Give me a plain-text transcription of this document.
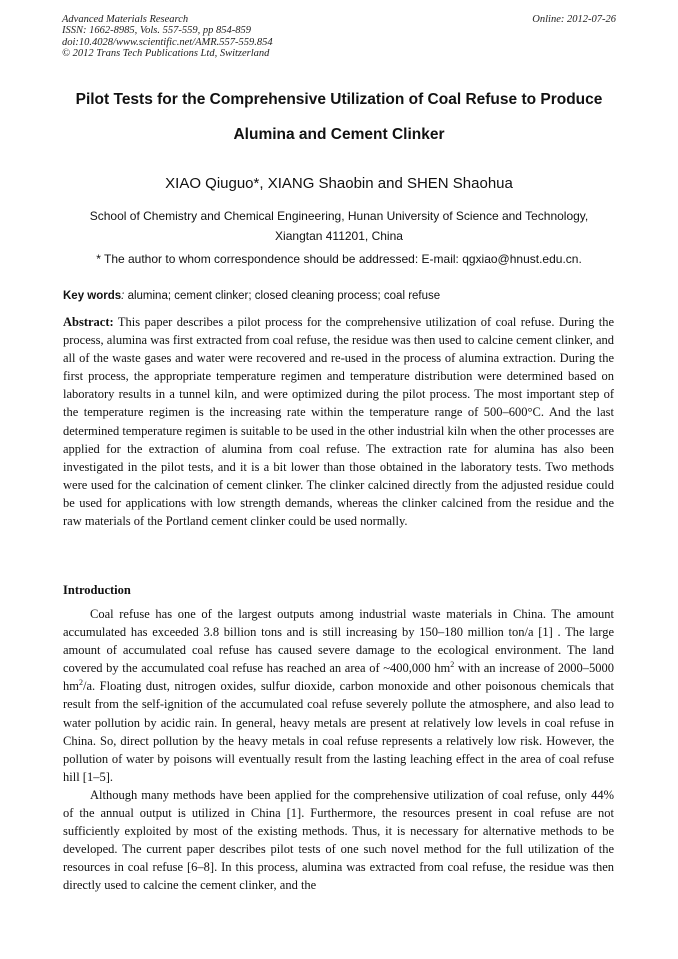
Advanced Materials Research
ISSN: 1662-8985, Vols. 557-559, pp 854-859
doi:10.4028/www.scientific.net/AMR.557-559.854
© 2012 Trans Tech Publications Ltd, Switzerland
Online: 2012-07-26
Pilot Tests for the Comprehensive Utilization of Coal Refuse to Produce
Alumina and Cement Clinker
XIAO Qiuguo*, XIANG Shaobin and SHEN Shaohua
School of Chemistry and Chemical Engineering, Hunan University of Science and Technology,
Xiangtan 411201, China
* The author to whom correspondence should be addressed: E-mail: qgxiao@hnust.edu.cn.
Key words: alumina; cement clinker; closed cleaning process; coal refuse
Abstract: This paper describes a pilot process for the comprehensive utilization of coal refuse. During the process, alumina was first extracted from coal refuse, the residue was then used to calcine cement clinker, and all of the waste gases and water were recovered and re-used in the process of alumina extraction. During the first process, the appropriate temperature regimen and temperature distribution were determined based on laboratory results in a tunnel kiln, and were optimized during the pilot process. The most important step of the temperature regimen is the increasing rate within the temperature range of 500–600°C. And the last determined temperature regimen is suitable to be used in the other industrial kiln when the other processes are applied for the extraction of alumina from coal refuse. The extraction rate for alumina has also been investigated in the pilot tests, and it is a bit lower than those obtained in the laboratory tests. Two methods were used for the calcination of cement clinker. The clinker calcined directly from the adjusted residue could be used for applications with low strength demands, whereas the clinker calcined from the residue and the raw materials of the Portland cement clinker could be used normally.
Introduction

Coal refuse has one of the largest outputs among industrial waste materials in China. The amount accumulated has exceeded 3.8 billion tons and is still increasing by 150–180 million ton/a [1] . The large amount of accumulated coal refuse has caused severe damage to the ecological environment. The land covered by the accumulated coal refuse has reached an area of ~400,000 $hm^2$ with an increase of 2000–5000 $hm^2/a$. Floating dust, nitrogen oxides, sulfur dioxide, carbon monoxide and other poisonous chemicals that result from the self-ignition of the accumulated coal refuse severely pollute the atmosphere, and also lead to water pollution by acidic rain. In general, heavy metals are present at relatively low levels in coal refuse in China. So, direct pollution by the heavy metals in coal refuse represents a relatively low risk. However, the pollution of water by poisons will eventually result from the lasting leaching effect in the area of coal refuse hill [1–5].

Although many methods have been applied for the comprehensive utilization of coal refuse, only 44% of the annual output is utilized in China [1]. Furthermore, the resources present in coal refuse are not sufficiently exploited by most of the existing methods. Thus, it is necessary for alternative methods to be developed. The current paper describes pilot tests of one such novel method for the full utilization of the resources in coal refuse [6–8]. In this process, alumina was extracted from coal refuse, the residue was then directly used to calcine the cement clinker, and the
